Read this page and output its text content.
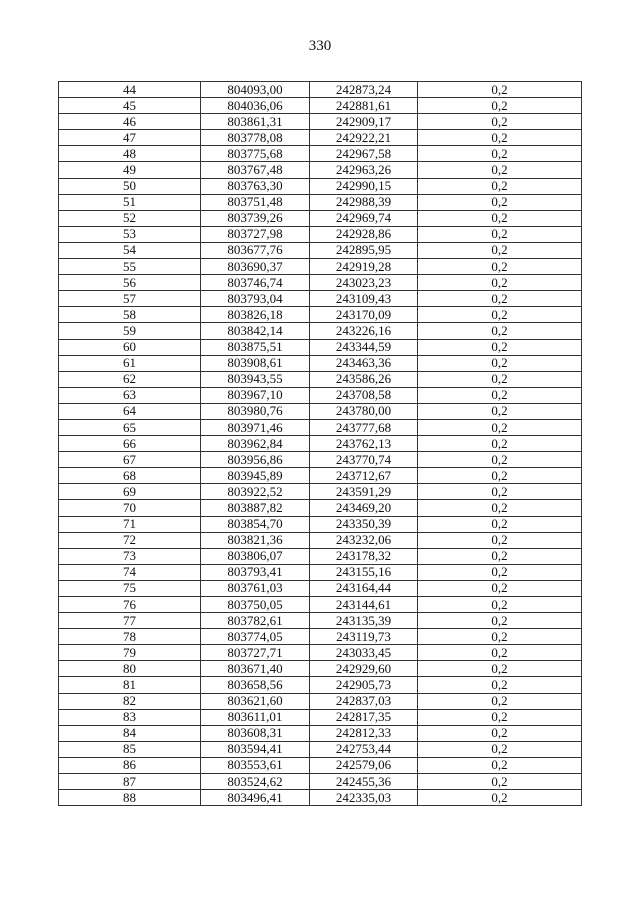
330
44	804093,00	242873,24	0,2
45	804036,06	242881,61	0,2
46	803861,31	242909,17	0,2
47	803778,08	242922,21	0,2
48	803775,68	242967,58	0,2
49	803767,48	242963,26	0,2
50	803763,30	242990,15	0,2
51	803751,48	242988,39	0,2
52	803739,26	242969,74	0,2
53	803727,98	242928,86	0,2
54	803677,76	242895,95	0,2
55	803690,37	242919,28	0,2
56	803746,74	243023,23	0,2
57	803793,04	243109,43	0,2
58	803826,18	243170,09	0,2
59	803842,14	243226,16	0,2
60	803875,51	243344,59	0,2
61	803908,61	243463,36	0,2
62	803943,55	243586,26	0,2
63	803967,10	243708,58	0,2
64	803980,76	243780,00	0,2
65	803971,46	243777,68	0,2
66	803962,84	243762,13	0,2
67	803956,86	243770,74	0,2
68	803945,89	243712,67	0,2
69	803922,52	243591,29	0,2
70	803887,82	243469,20	0,2
71	803854,70	243350,39	0,2
72	803821,36	243232,06	0,2
73	803806,07	243178,32	0,2
74	803793,41	243155,16	0,2
75	803761,03	243164,44	0,2
76	803750,05	243144,61	0,2
77	803782,61	243135,39	0,2
78	803774,05	243119,73	0,2
79	803727,71	243033,45	0,2
80	803671,40	242929,60	0,2
81	803658,56	242905,73	0,2
82	803621,60	242837,03	0,2
83	803611,01	242817,35	0,2
84	803608,31	242812,33	0,2
85	803594,41	242753,44	0,2
86	803553,61	242579,06	0,2
87	803524,62	242455,36	0,2
88	803496,41	242335,03	0,2
